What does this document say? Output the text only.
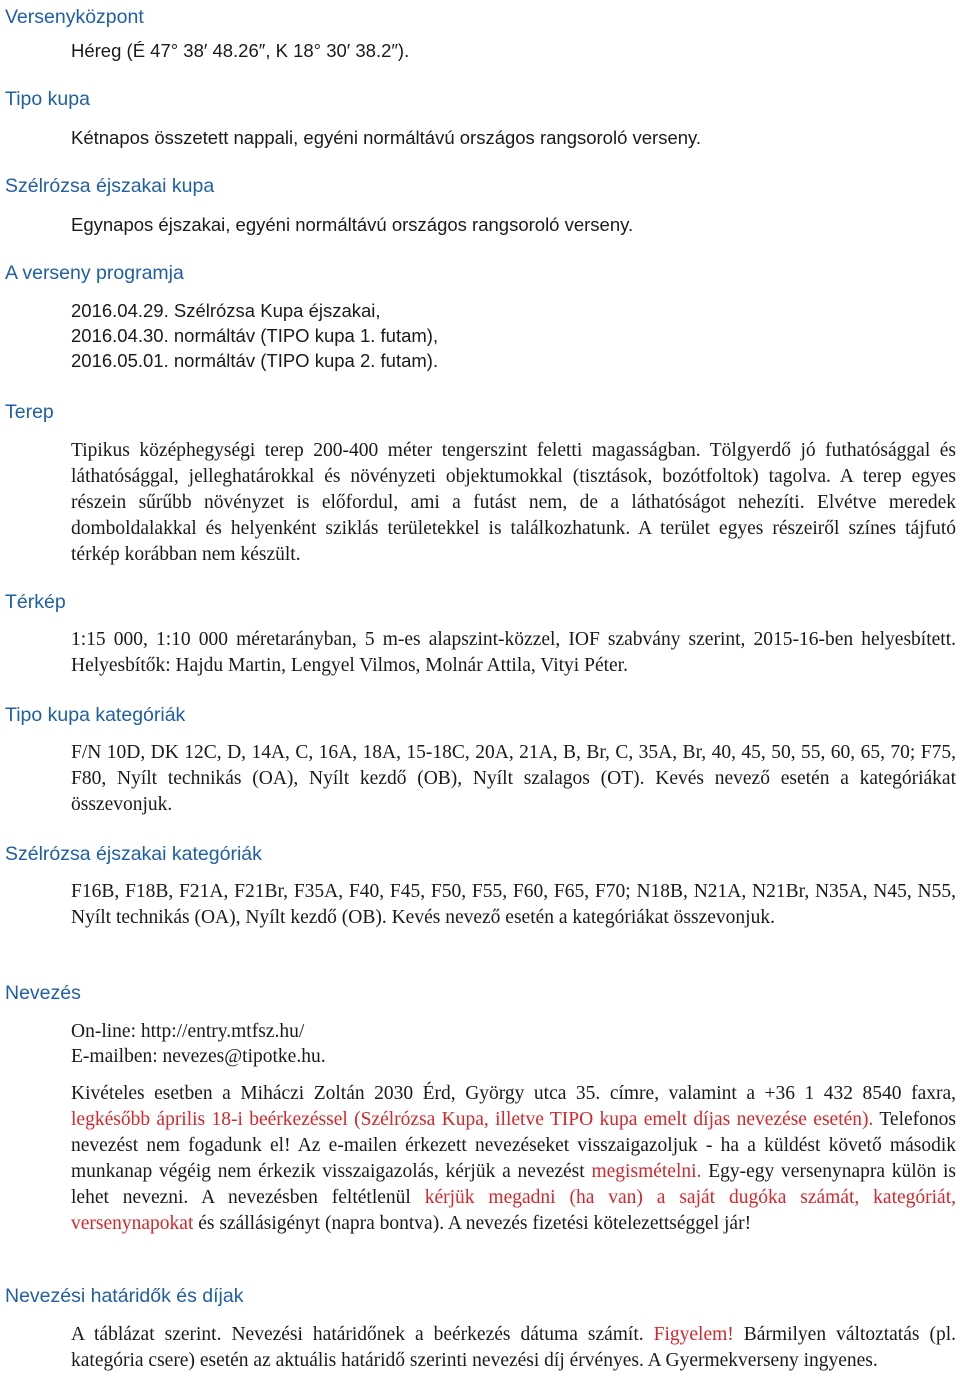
Versenyközpont
Héreg (É 47° 38′ 48.26″, K 18° 30′ 38.2″).
Tipo kupa
Kétnapos összetett nappali, egyéni normáltávú országos rangsoroló verseny.
Szélrózsa éjszakai kupa
Egynapos éjszakai, egyéni normáltávú országos rangsoroló verseny.
A verseny programja

2016.04.29. Szélrózsa Kupa éjszakai,

2016.04.30. normáltáv (TIPO kupa 1. futam),

2016.05.01. normáltáv (TIPO kupa 2. futam).

Terep
Tipikus középhegységi terep 200-400 méter tengerszint feletti magasságban. Tölgyerdő jó futhatósággal és láthatósággal, jelleghatárokkal és növényzeti objektumokkal (tisztások, bozótfoltok) tagolva. A terep egyes részein sűrűbb növényzet is előfordul, ami a futást nem, de a láthatóságot nehezíti. Elvétve meredek domboldalakkal és helyenként sziklás területekkel is találkozhatunk. A terület egyes részeiről színes tájfutó térkép korábban nem készült.
Térkép
1:15 000, 1:10 000 méretarányban, 5 m-es alapszint-közzel, IOF szabvány szerint, 2015-16-ben helyesbített. Helyesbítők: Hajdu Martin, Lengyel Vilmos, Molnár Attila, Vityi Péter.
Tipo kupa kategóriák
F/N 10D, DK 12C, D, 14A, C, 16A, 18A, 15-18C, 20A, 21A, B, Br, C, 35A, Br, 40, 45, 50, 55, 60, 65, 70; F75, F80, Nyílt technikás (OA), Nyílt kezdő (OB), Nyílt szalagos (OT). Kevés nevező esetén a kategóriákat összevonjuk.
Szélrózsa éjszakai kategóriák
F16B, F18B, F21A, F21Br, F35A, F40, F45, F50, F55, F60, F65, F70; N18B, N21A, N21Br, N35A, N45, N55, Nyílt technikás (OA), Nyílt kezdő (OB). Kevés nevező esetén a kategóriákat összevonjuk.
Nevezés
On-line: http://entry.mtfsz.hu/
E-mailben: nevezes@tipotke.hu.
Kivételes esetben a Miháczi Zoltán 2030 Érd, György utca 35. címre, valamint a +36 1 432 8540 faxra, legkésőbb április 18-i beérkezéssel (Szélrózsa Kupa, illetve TIPO kupa emelt díjas nevezése esetén). Telefonos nevezést nem fogadunk el! Az e-mailen érkezett nevezéseket visszaigazoljuk - ha a küldést követő második munkanap végéig nem érkezik visszaigazolás, kérjük a nevezést megismételni. Egy-egy versenynapra külön is lehet nevezni. A nevezésben feltétlenül kérjük megadni (ha van) a saját dugóka számát, kategóriát, versenynapokat és szállásigényt (napra bontva). A nevezés fizetési kötelezettséggel jár!
Nevezési határidők és díjak
A táblázat szerint. Nevezési határidőnek a beérkezés dátuma számít. Figyelem! Bármilyen változtatás (pl. kategória csere) esetén az aktuális határidő szerinti nevezési díj érvényes. A Gyermekverseny ingyenes.
